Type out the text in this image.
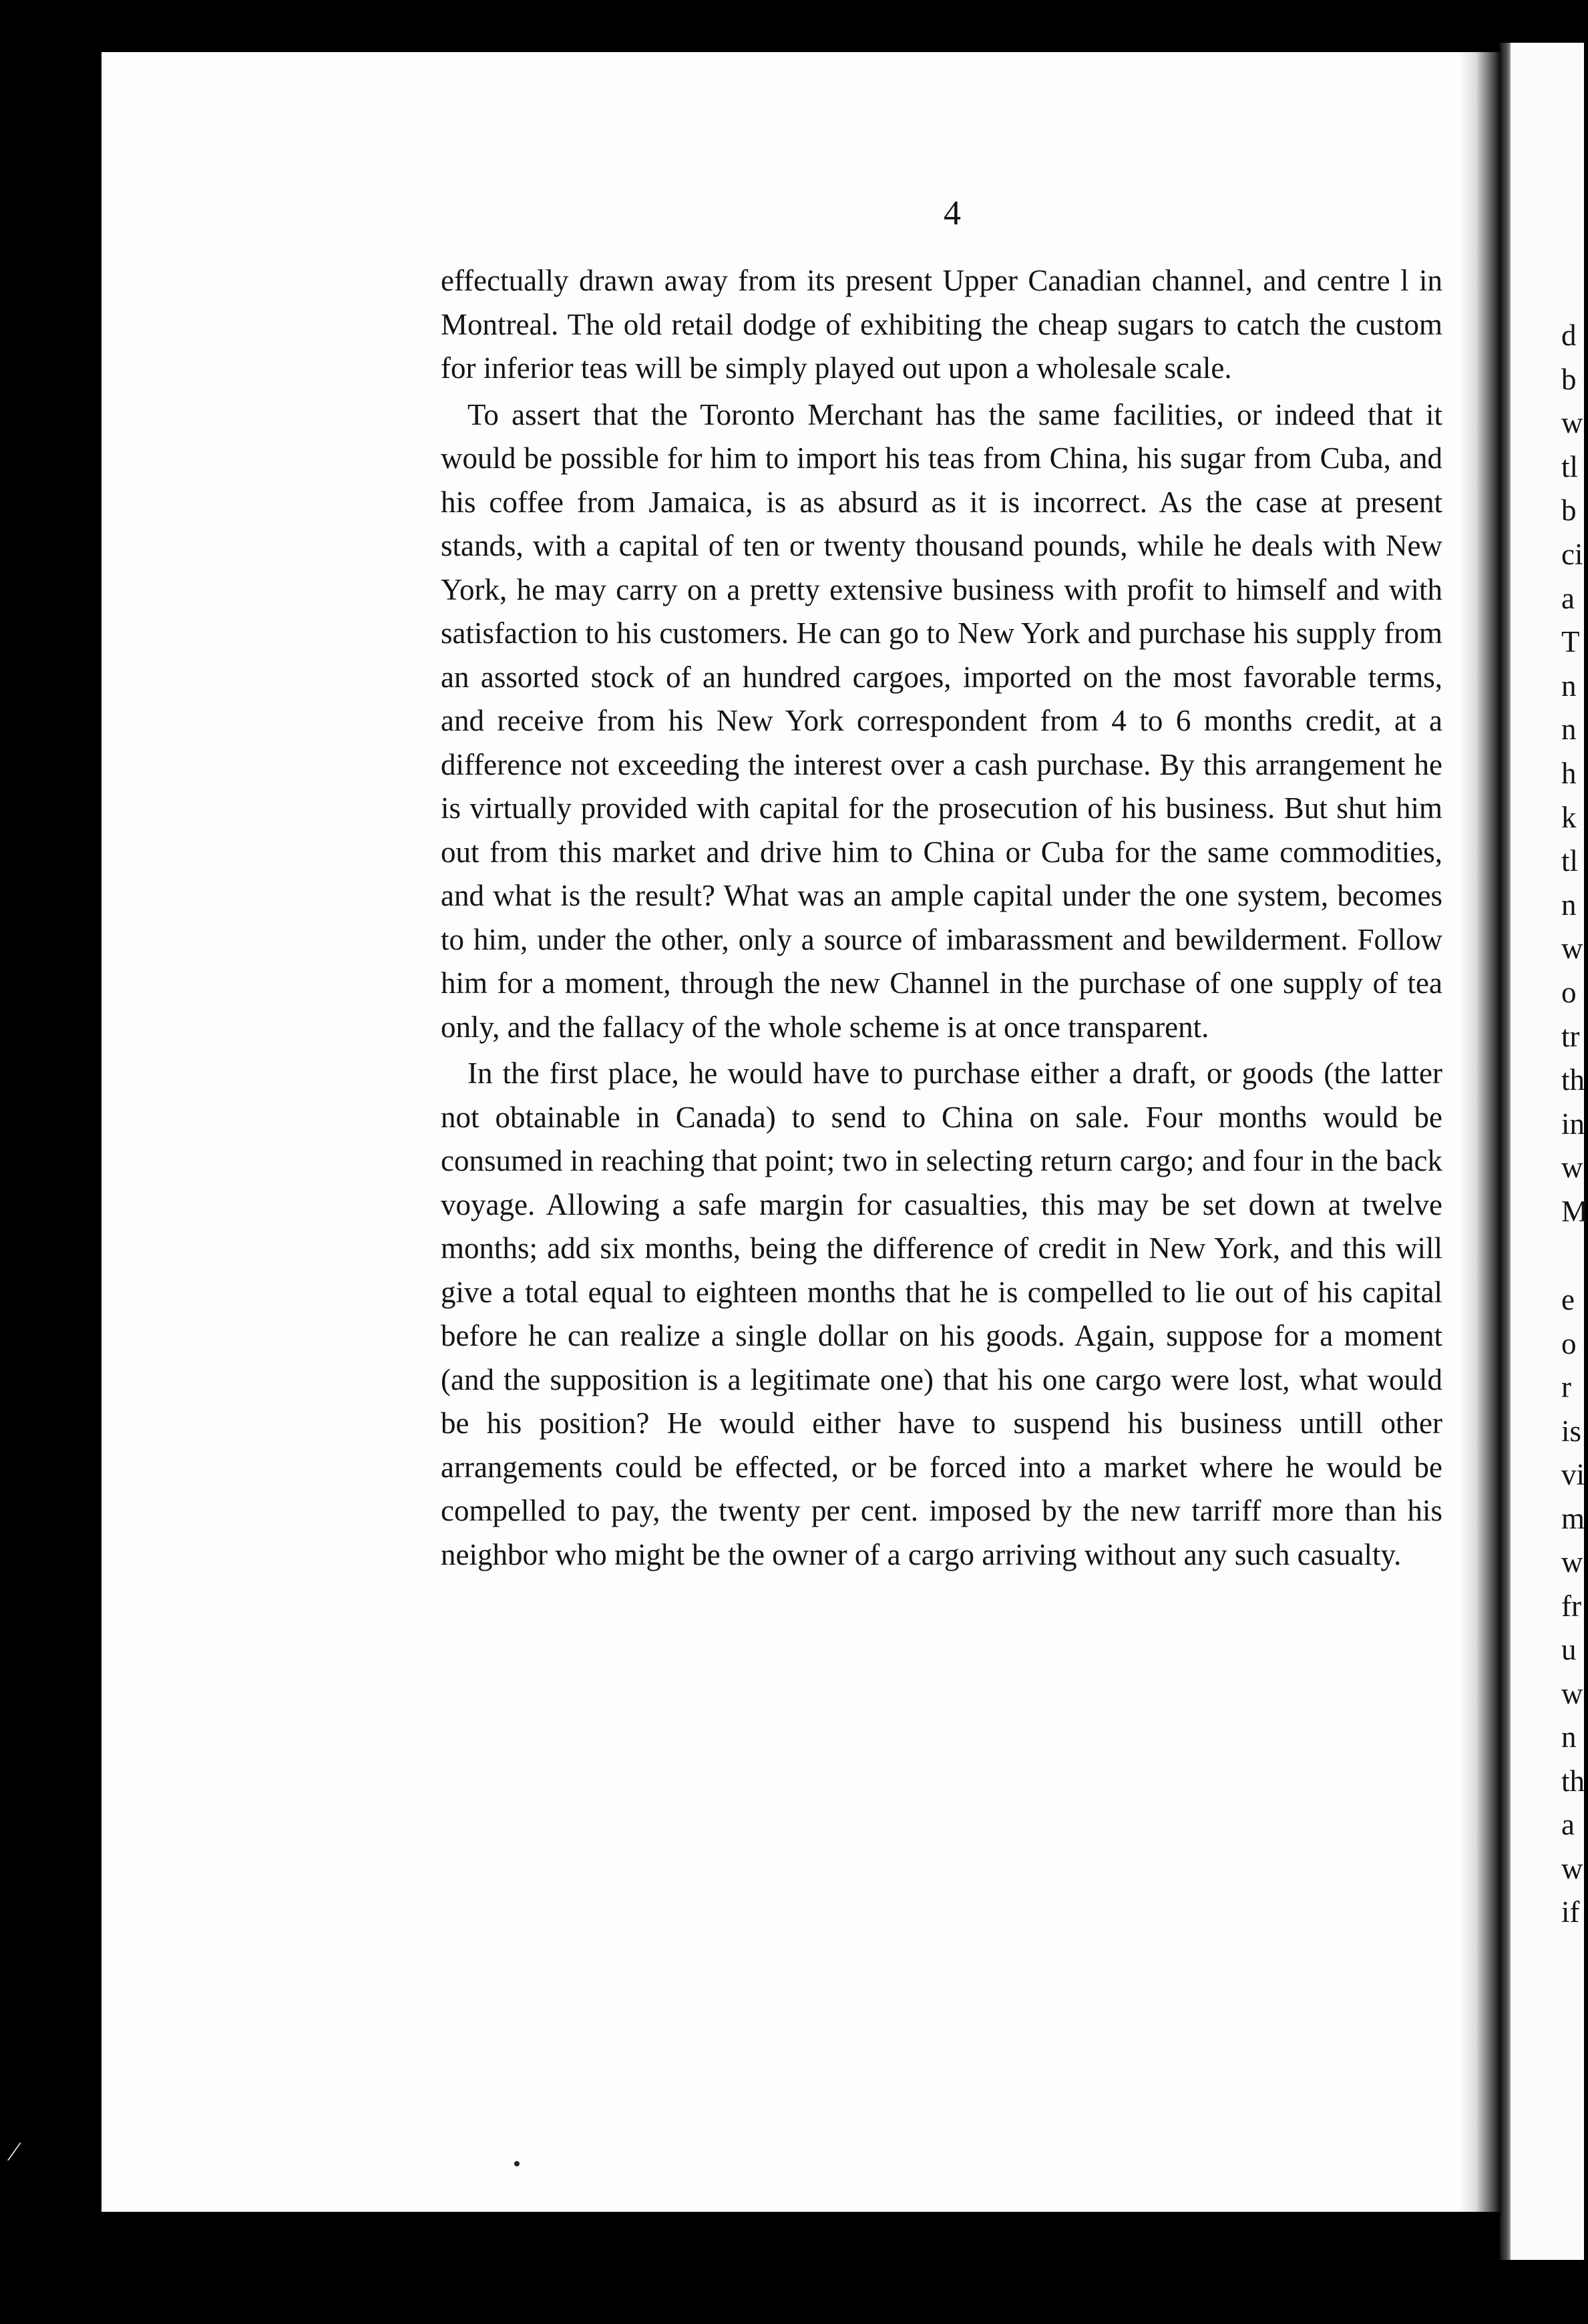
4

effectually drawn away from its present Upper Canadian channel, and centre l in Montreal. The old retail dodge of exhibiting the cheap sugars to catch the custom for inferior teas will be simply played out upon a wholesale scale.

To assert that the Toronto Merchant has the same facilities, or indeed that it would be possible for him to import his teas from China, his sugar from Cuba, and his coffee from Jamaica, is as absurd as it is incorrect. As the case at present stands, with a capital of ten or twenty thousand pounds, while he deals with New York, he may carry on a pretty extensive business with profit to himself and with satisfaction to his customers. He can go to New York and purchase his supply from an assorted stock of an hundred cargoes, imported on the most favorable terms, and receive from his New York correspondent from 4 to 6 months credit, at a difference not exceeding the interest over a cash purchase. By this arrangement he is virtually provided with capital for the prosecution of his business. But shut him out from this market and drive him to China or Cuba for the same commodities, and what is the result? What was an ample capital under the one system, becomes to him, under the other, only a source of imbarassment and bewilderment. Follow him for a moment, through the new Channel in the purchase of one supply of tea only, and the fallacy of the whole scheme is at once transparent.

In the first place, he would have to purchase either a draft, or goods (the latter not obtainable in Canada) to send to China on sale. Four months would be consumed in reaching that point; two in selecting return cargo; and four in the back voyage. Allowing a safe margin for casualties, this may be set down at twelve months; add six months, being the difference of credit in New York, and this will give a total equal to eighteen months that he is compelled to lie out of his capital before he can realize a single dollar on his goods. Again, suppose for a moment (and the supposition is a legitimate one) that his one cargo were lost, what would be his position? He would either have to suspend his business untill other arrangements could be effected, or be forced into a market where he would be compelled to pay, the twenty per cent. imposed by the new tarriff more than his neighbor who might be the owner of a cargo arriving without any such casualty.

d
b
w
tl
b
ci
a
T
n
n
h
k
tl
n
w
o
tr
th
in
w
M
e
o
r
is
vi
m
w
fr
u
w
n
th
a
w
if
⁄
